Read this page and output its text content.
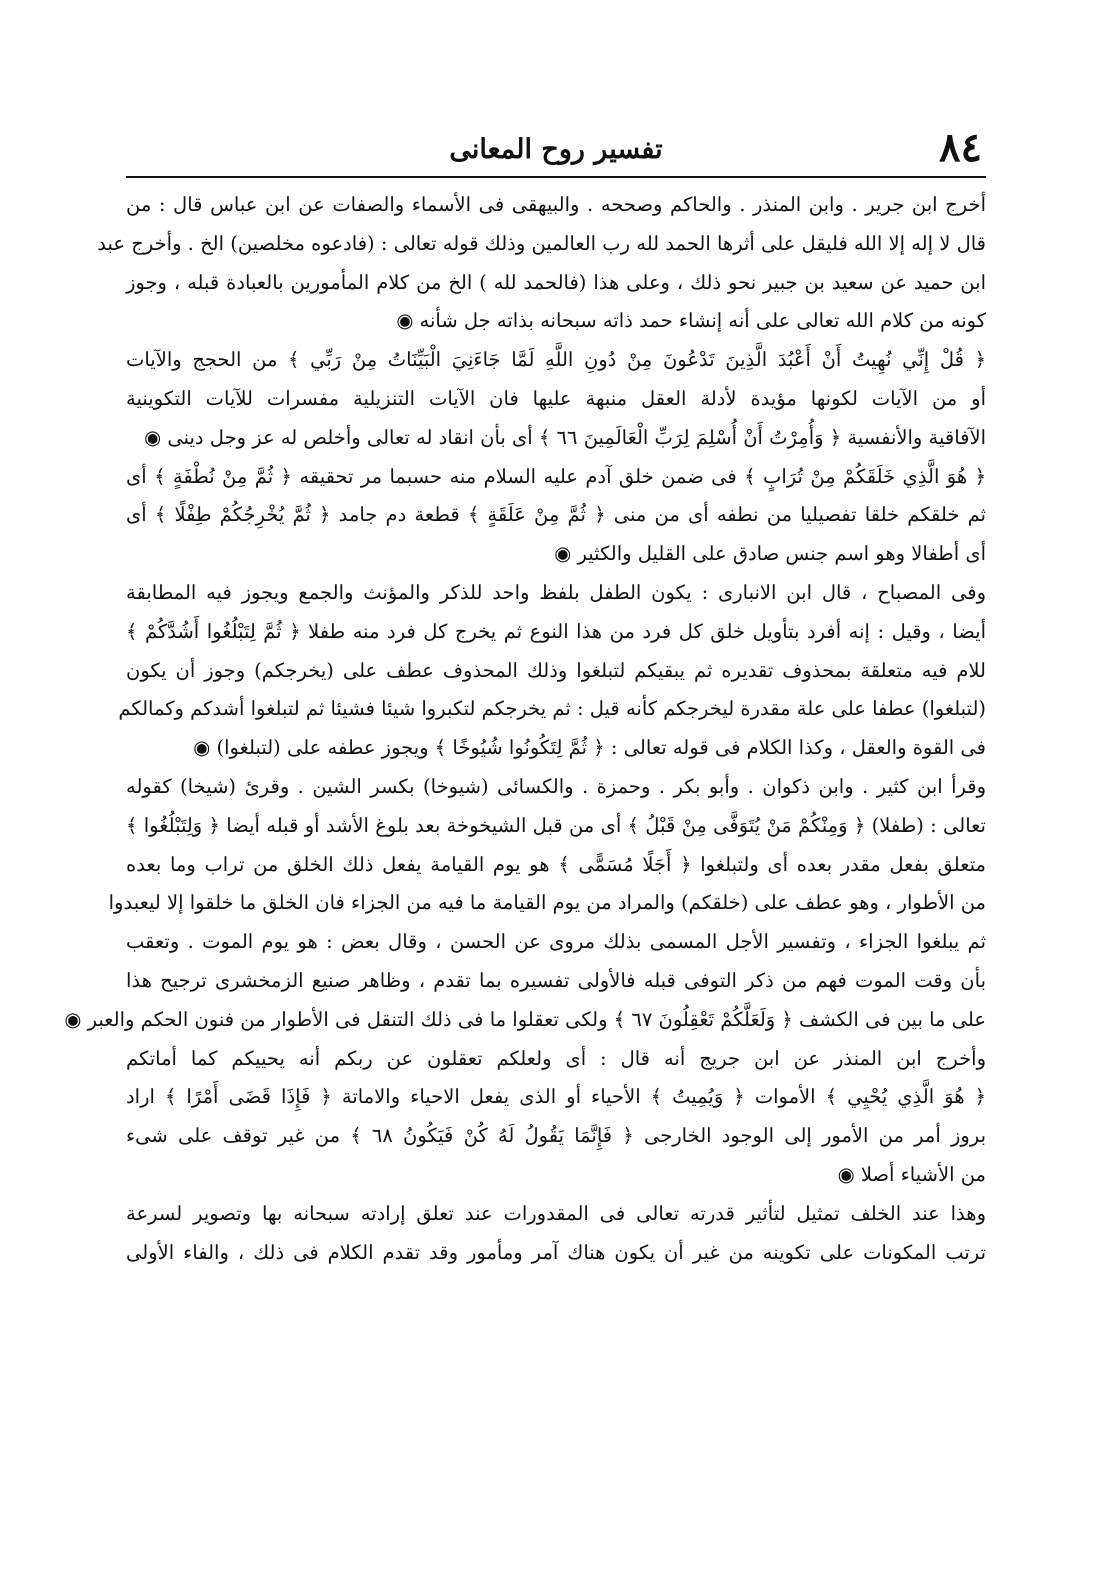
٨٤
تفسير روح المعانى
أخرج ابن جرير . وابن المنذر . والحاكم وصححه . والبيهقى فى الأسماء والصفات عن ابن عباس قال : من
قال لا إله إلا الله فليقل على أثرها الحمد لله رب العالمين وذلك قوله تعالى : (فادعوه مخلصين) الخ . وأخرج عبد
ابن حميد عن سعيد بن جبير نحو ذلك ، وعلى هذا (فالحمد لله ) الخ من كلام المأمورين بالعبادة قبله ، وجوز
كونه من كلام الله تعالى على أنه إنشاء حمد ذاته سبحانه بذاته جل شأنه ◉
﴿ قُلْ إِنِّي نُهِيتُ أَنْ أَعْبُدَ الَّذِينَ تَدْعُونَ مِنْ دُونِ اللَّهِ لَمَّا جَاءَنِيَ الْبَيِّنَاتُ مِنْ رَبِّي ﴾ من الحجج والآيات
أو من الآيات لكونها مؤيدة لأدلة العقل منبهة عليها فان الآيات التنزيلية مفسرات للآيات التكوينية
الآفاقية والأنفسية ﴿ وَأُمِرْتُ أَنْ أُسْلِمَ لِرَبِّ الْعَالَمِينَ ٦٦ ﴾ أى بأن انقاد له تعالى وأخلص له عز وجل دينى ◉
﴿ هُوَ الَّذِي خَلَقَكُمْ مِنْ تُرَابٍ ﴾ فى ضمن خلق آدم عليه السلام منه حسبما مر تحقيقه ﴿ ثُمَّ مِنْ نُطْفَةٍ ﴾ أى
ثم خلقكم خلقا تفصيليا من نطفه أى من منى ﴿ ثُمَّ مِنْ عَلَقَةٍ ﴾ قطعة دم جامد ﴿ ثُمَّ يُخْرِجُكُمْ طِفْلًا ﴾ أى
أى أطفالا وهو اسم جنس صادق على القليل والكثير ◉
وفى المصباح ، قال ابن الانبارى : يكون الطفل بلفظ واحد للذكر والمؤنث والجمع ويجوز فيه المطابقة
أيضا ، وقيل : إنه أفرد بتأويل خلق كل فرد من هذا النوع ثم يخرج كل فرد منه طفلا ﴿ ثُمَّ لِتَبْلُغُوا أَشُدَّكُمْ ﴾
للام فيه متعلقة بمحذوف تقديره ثم يبقيكم لتبلغوا وذلك المحذوف عطف على (يخرجكم) وجوز أن يكون
(لتبلغوا) عطفا على علة مقدرة ليخرجكم كأنه قيل : ثم يخرجكم لتكبروا شيئا فشيئا ثم لتبلغوا أشدكم وكمالكم
فى القوة والعقل ، وكذا الكلام فى قوله تعالى : ﴿ ثُمَّ لِتَكُونُوا شُيُوخًا ﴾ ويجوز عطفه على (لتبلغوا) ◉
وقرأ ابن كثير . وابن ذكوان . وأبو بكر . وحمزة . والكسائى (شيوخا) بكسر الشين . وقرئ (شيخا) كقوله
تعالى : (طفلا) ﴿ وَمِنْكُمْ مَنْ يُتَوَفَّى مِنْ قَبْلُ ﴾ أى من قبل الشيخوخة بعد بلوغ الأشد أو قبله أيضا ﴿ وَلِتَبْلُغُوا ﴾
متعلق بفعل مقدر بعده أى ولتبلغوا ﴿ أَجَلًا مُسَمًّى ﴾ هو يوم القيامة يفعل ذلك الخلق من تراب وما بعده
من الأطوار ، وهو عطف على (خلقكم) والمراد من يوم القيامة ما فيه من الجزاء فان الخلق ما خلقوا إلا ليعبدوا
ثم يبلغوا الجزاء ، وتفسير الأجل المسمى بذلك مروى عن الحسن ، وقال بعض : هو يوم الموت . وتعقب
بأن وقت الموت فهم من ذكر التوفى قبله فالأولى تفسيره بما تقدم ، وظاهر صنيع الزمخشرى ترجيح هذا
على ما بين فى الكشف ﴿ وَلَعَلَّكُمْ تَعْقِلُونَ ٦٧ ﴾ ولكى تعقلوا ما فى ذلك التنقل فى الأطوار من فنون الحكم والعبر ◉
وأخرج ابن المنذر عن ابن جريج أنه قال : أى ولعلكم تعقلون عن ربكم أنه يحييكم كما أماتكم
﴿ هُوَ الَّذِي يُحْيِي ﴾ الأموات ﴿ وَيُمِيتُ ﴾ الأحياء أو الذى يفعل الاحياء والاماتة ﴿ فَإِذَا قَضَى أَمْرًا ﴾ اراد
بروز أمر من الأمور إلى الوجود الخارجى ﴿ فَإِنَّمَا يَقُولُ لَهُ كُنْ فَيَكُونُ ٦٨ ﴾ من غير توقف على شىء
من الأشياء أصلا ◉
وهذا عند الخلف تمثيل لتأثير قدرته تعالى فى المقدورات عند تعلق إرادته سبحانه بها وتصوير لسرعة
ترتب المكونات على تكوينه من غير أن يكون هناك آمر ومأمور وقد تقدم الكلام فى ذلك ، والفاء الأولى
